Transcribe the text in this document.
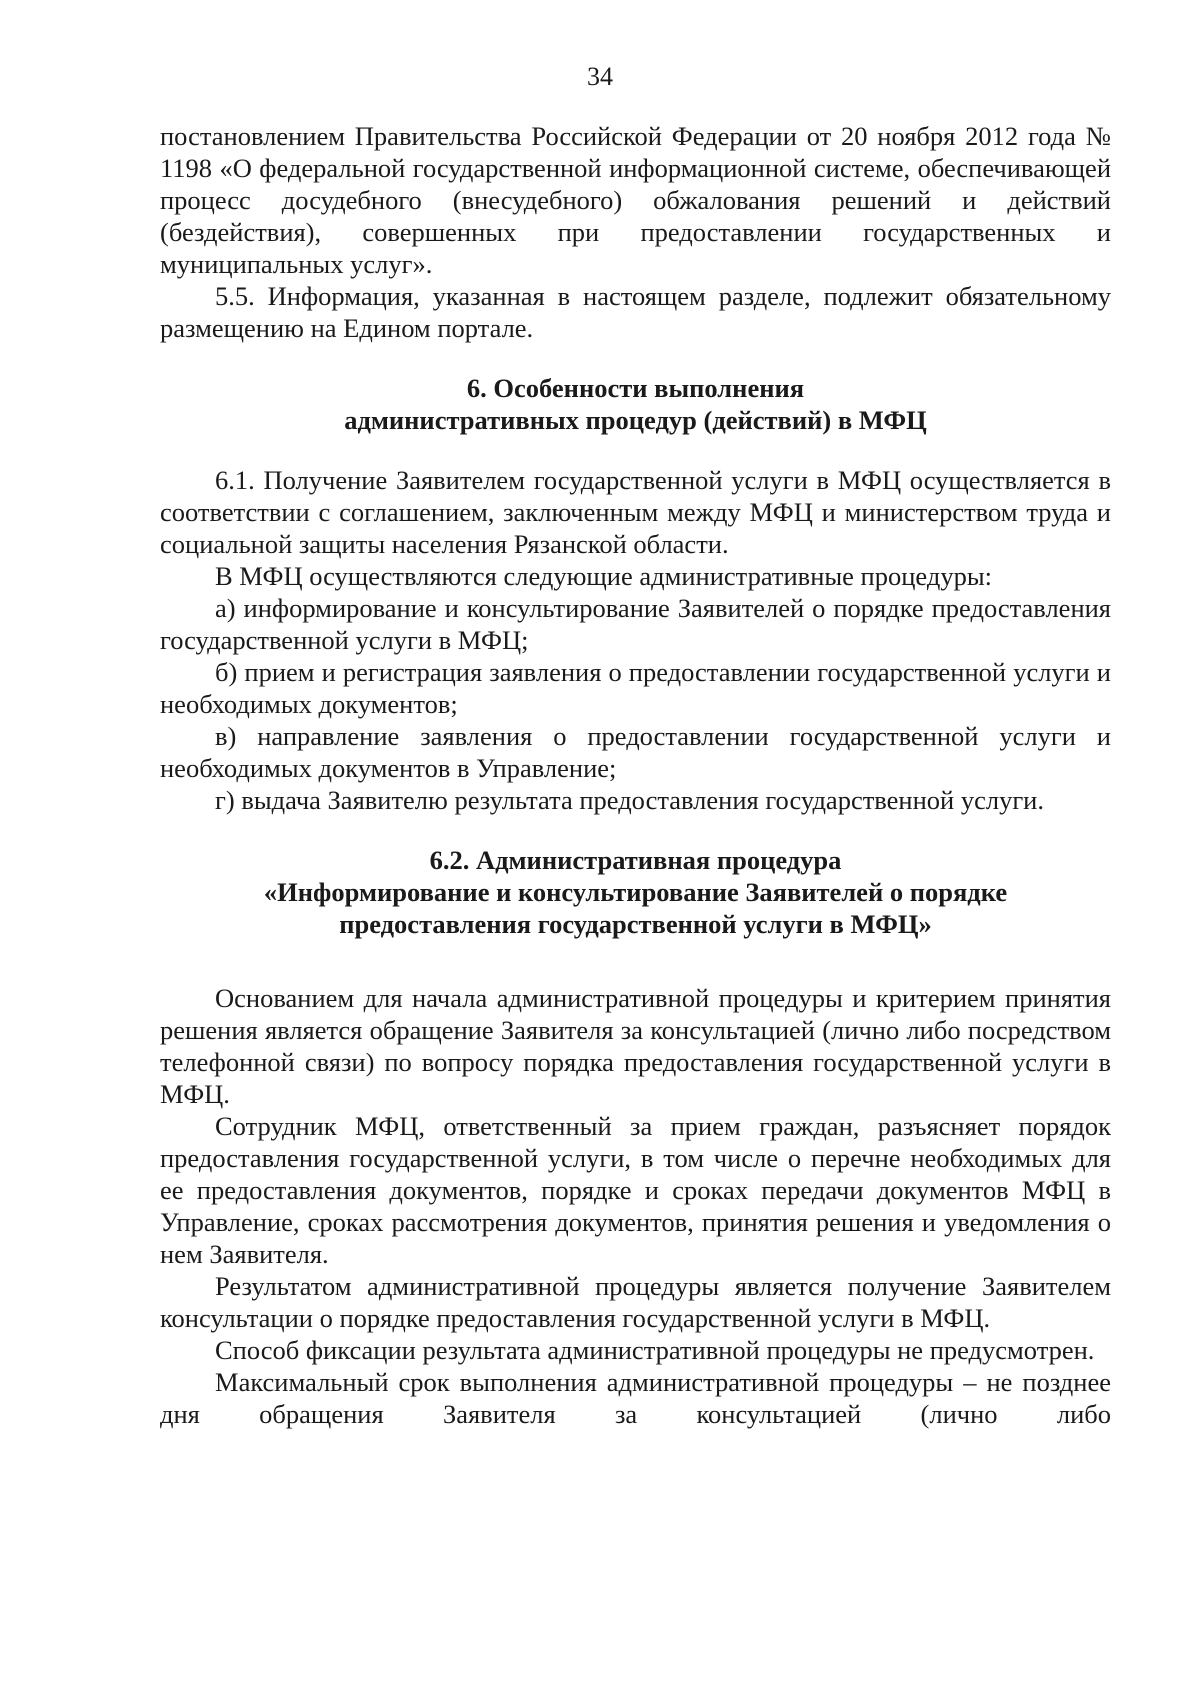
34

постановлением Правительства Российской Федерации от 20 ноября 2012 года № 1198 «О федеральной государственной информационной системе, обеспечивающей процесс досудебного (внесудебного) обжалования решений и действий (бездействия), совершенных при предоставлении государственных и муниципальных услуг».

5.5. Информация, указанная в настоящем разделе, подлежит обязательному размещению на Едином портале.

6. Особенности выполнения
административных процедур (действий) в МФЦ

6.1. Получение Заявителем государственной услуги в МФЦ осуществляется в соответствии с соглашением, заключенным между МФЦ и министерством труда и социальной защиты населения Рязанской области.

В МФЦ осуществляются следующие административные процедуры:

а) информирование и консультирование Заявителей о порядке предоставления государственной услуги в МФЦ;

б) прием и регистрация заявления о предоставлении государственной услуги и необходимых документов;

в) направление заявления о предоставлении государственной услуги и необходимых документов в Управление;

г) выдача Заявителю результата предоставления государственной услуги.

6.2. Административная процедура
«Информирование и консультирование Заявителей о порядке
предоставления государственной услуги в МФЦ»

Основанием для начала административной процедуры и критерием принятия решения является обращение Заявителя за консультацией (лично либо посредством телефонной связи) по вопросу порядка предоставления государственной услуги в МФЦ.

Сотрудник МФЦ, ответственный за прием граждан, разъясняет порядок предоставления государственной услуги, в том числе о перечне необходимых для ее предоставления документов, порядке и сроках передачи документов МФЦ в Управление, сроках рассмотрения документов, принятия решения и уведомления о нем Заявителя.

Результатом административной процедуры является получение Заявителем консультации о порядке предоставления государственной услуги в МФЦ.

Способ фиксации результата административной процедуры не предусмотрен.

Максимальный срок выполнения административной процедуры – не позднее дня обращения Заявителя за консультацией (лично либо
